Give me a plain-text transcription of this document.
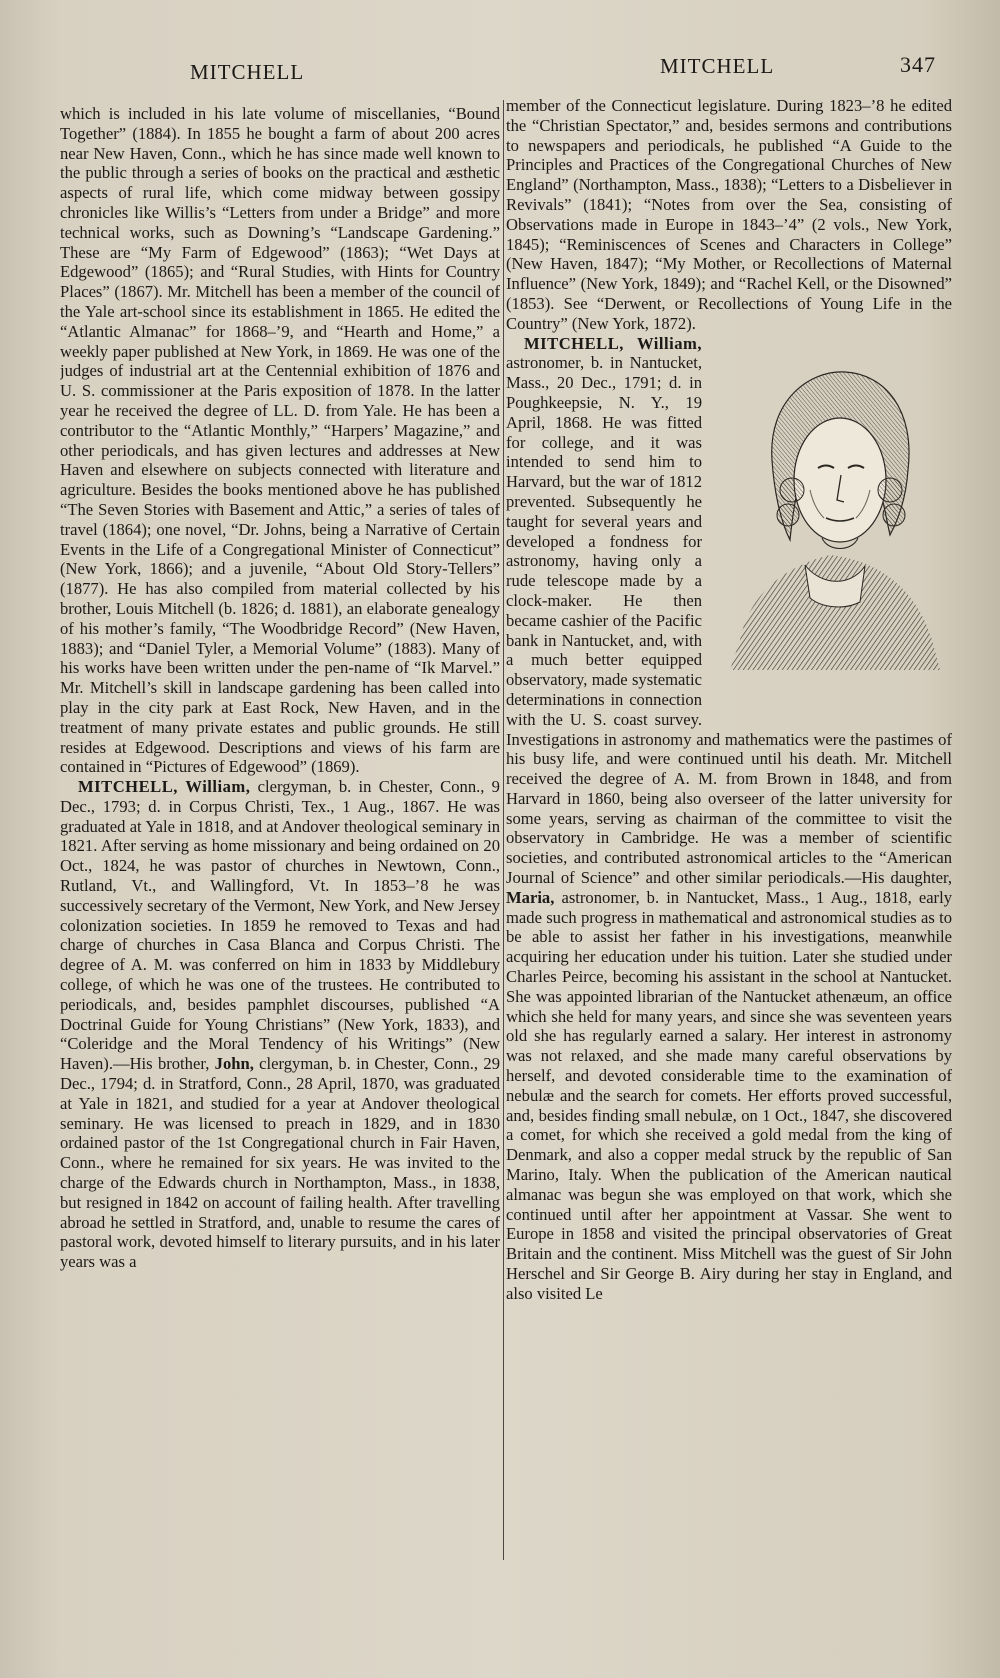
MITCHELL	MITCHELL	347

which is included in his late volume of miscellanies, “Bound Together” (1884). In 1855 he bought a farm of about 200 acres near New Haven, Conn., which he has since made well known to the public through a series of books on the practical and æsthetic aspects of rural life, which come midway between gossipy chronicles like Willis’s “Letters from under a Bridge” and more technical works, such as Downing’s “Landscape Gardening.” These are “My Farm of Edgewood” (1863); “Wet Days at Edgewood” (1865); and “Rural Studies, with Hints for Country Places” (1867). Mr. Mitchell has been a member of the council of the Yale art-school since its establishment in 1865. He edited the “Atlantic Almanac” for 1868–’9, and “Hearth and Home,” a weekly paper published at New York, in 1869. He was one of the judges of industrial art at the Centennial exhibition of 1876 and U. S. commissioner at the Paris exposition of 1878. In the latter year he received the degree of LL. D. from Yale. He has been a contributor to the “Atlantic Monthly,” “Harpers’ Magazine,” and other periodicals, and has given lectures and addresses at New Haven and elsewhere on subjects connected with literature and agriculture. Besides the books mentioned above he has published “The Seven Stories with Basement and Attic,” a series of tales of travel (1864); one novel, “Dr. Johns, being a Narrative of Certain Events in the Life of a Congregational Minister of Connecticut” (New York, 1866); and a juvenile, “About Old Story-Tellers” (1877). He has also compiled from material collected by his brother, Louis Mitchell (b. 1826; d. 1881), an elaborate genealogy of his mother’s family, “The Woodbridge Record” (New Haven, 1883); and “Daniel Tyler, a Memorial Volume” (1883). Many of his works have been written under the pen-name of “Ik Marvel.” Mr. Mitchell’s skill in landscape gardening has been called into play in the city park at East Rock, New Haven, and in the treatment of many private estates and public grounds. He still resides at Edgewood. Descriptions and views of his farm are contained in “Pictures of Edgewood” (1869).

MITCHELL, William, clergyman, b. in Chester, Conn., 9 Dec., 1793; d. in Corpus Christi, Tex., 1 Aug., 1867. He was graduated at Yale in 1818, and at Andover theological seminary in 1821. After serving as home missionary and being ordained on 20 Oct., 1824, he was pastor of churches in Newtown, Conn., Rutland, Vt., and Wallingford, Vt. In 1853–’8 he was successively secretary of the Vermont, New York, and New Jersey colonization societies. In 1859 he removed to Texas and had charge of churches in Casa Blanca and Corpus Christi. The degree of A. M. was conferred on him in 1833 by Middlebury college, of which he was one of the trustees. He contributed to periodicals, and, besides pamphlet discourses, published “A Doctrinal Guide for Young Christians” (New York, 1833), and “Coleridge and the Moral Tendency of his Writings” (New Haven).—His brother, John, clergyman, b. in Chester, Conn., 29 Dec., 1794; d. in Stratford, Conn., 28 April, 1870, was graduated at Yale in 1821, and studied for a year at Andover theological seminary. He was licensed to preach in 1829, and in 1830 ordained pastor of the 1st Congregational church in Fair Haven, Conn., where he remained for six years. He was invited to the charge of the Edwards church in Northampton, Mass., in 1838, but resigned in 1842 on account of failing health. After travelling abroad he settled in Stratford, and, unable to resume the cares of pastoral work, devoted himself to literary pursuits, and in his later years was a

member of the Connecticut legislature. During 1823–’8 he edited the “Christian Spectator,” and, besides sermons and contributions to newspapers and periodicals, he published “A Guide to the Principles and Practices of the Congregational Churches of New England” (Northampton, Mass., 1838); “Letters to a Disbeliever in Revivals” (1841); “Notes from over the Sea, consisting of Observations made in Europe in 1843–’4” (2 vols., New York, 1845); “Reminiscences of Scenes and Characters in College” (New Haven, 1847); “My Mother, or Recollections of Maternal Influence” (New York, 1849); and “Rachel Kell, or the Disowned” (1853). See “Derwent, or Recollections of Young Life in the Country” (New York, 1872).

MITCHELL, William, astronomer, b. in Nantucket, Mass., 20 Dec., 1791; d. in Poughkeepsie, N. Y., 19 April, 1868. He was fitted for college, and it was intended to send him to Harvard, but the war of 1812 prevented. Subsequently he taught for several years and developed a fondness for astronomy, having only a rude telescope made by a clock-maker. He then became cashier of the Pacific bank in Nantucket, and, with a much better equipped observatory, made systematic determinations in connection with the U. S. coast survey. Investigations in astronomy and mathematics were the pastimes of his busy life, and were continued until his death. Mr. Mitchell received the degree of A. M. from Brown in 1848, and from Harvard in 1860, being also overseer of the latter university for some years, serving as chairman of the committee to visit the observatory in Cambridge. He was a member of scientific societies, and contributed astronomical articles to the “American Journal of Science” and other similar periodicals.—His daughter, Maria, astronomer, b. in Nantucket, Mass., 1 Aug., 1818, early made such progress in mathematical and astronomical studies as to be able to assist her father in his investigations, meanwhile acquiring her education under his tuition. Later she studied under Charles Peirce, becoming his assistant in the school at Nantucket. She was appointed librarian of the Nantucket athenæum, an office which she held for many years, and since she was seventeen years old she has regularly earned a salary. Her interest in astronomy was not relaxed, and she made many careful observations by herself, and devoted considerable time to the examination of nebulæ and the search for comets. Her efforts proved successful, and, besides finding small nebulæ, on 1 Oct., 1847, she discovered a comet, for which she received a gold medal from the king of Denmark, and also a copper medal struck by the republic of San Marino, Italy. When the publication of the American nautical almanac was begun she was employed on that work, which she continued until after her appointment at Vassar. She went to Europe in 1858 and visited the principal observatories of Great Britain and the continent. Miss Mitchell was the guest of Sir John Herschel and Sir George B. Airy during her stay in England, and also visited Le
